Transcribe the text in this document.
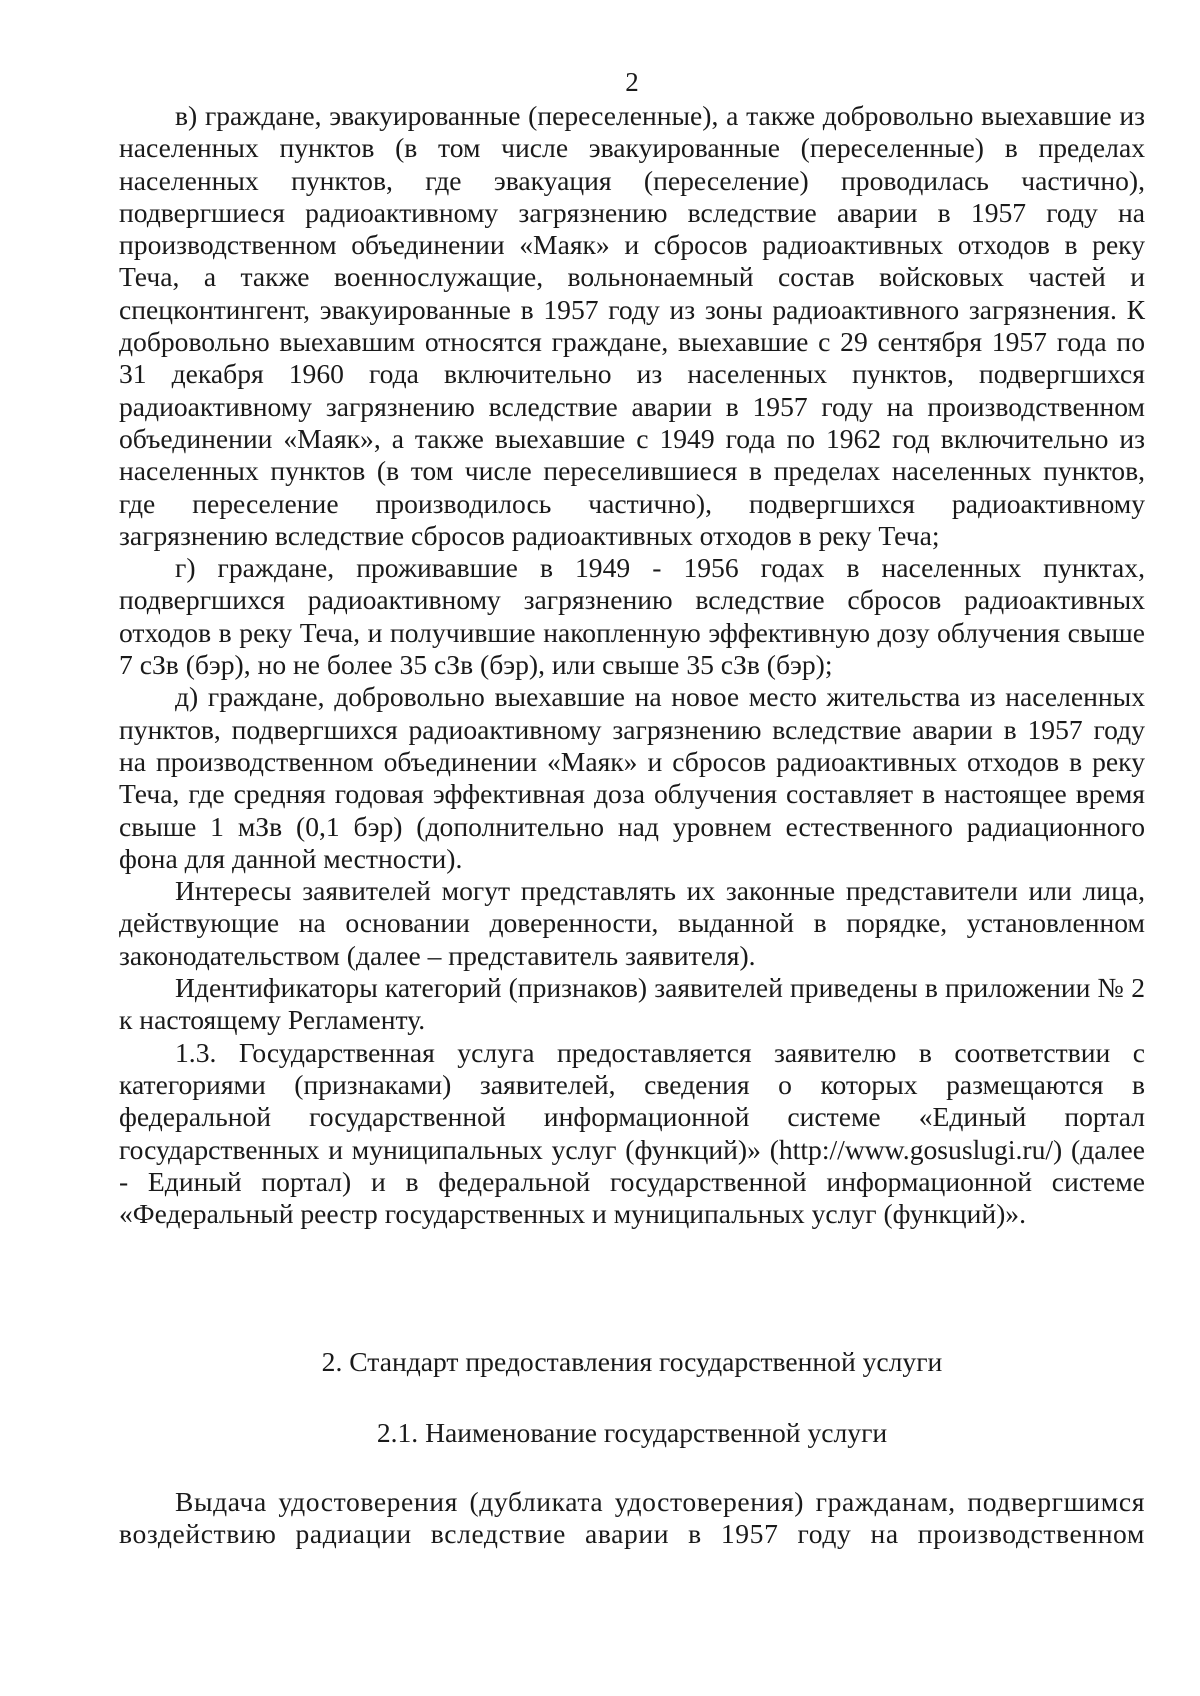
2

в) граждане, эвакуированные (переселенные), а также добровольно выехавшие из населенных пунктов (в том числе эвакуированные (переселенные) в пределах населенных пунктов, где эвакуация (переселение) проводилась частично), подвергшиеся радиоактивному загрязнению вследствие аварии в 1957 году на производственном объединении «Маяк» и сбросов радиоактивных отходов в реку Теча, а также военнослужащие, вольнонаемный состав войсковых частей и спецконтингент, эвакуированные в 1957 году из зоны радиоактивного загрязнения. К добровольно выехавшим относятся граждане, выехавшие с 29 сентября 1957 года по 31 декабря 1960 года включительно из населенных пунктов, подвергшихся радиоактивному загрязнению вследствие аварии в 1957 году на производственном объединении «Маяк», а также выехавшие с 1949 года по 1962 год включительно из населенных пунктов (в том числе переселившиеся в пределах населенных пунктов, где переселение производилось частично), подвергшихся радиоактивному загрязнению вследствие сбросов радиоактивных отходов в реку Теча;

г) граждане, проживавшие в 1949 - 1956 годах в населенных пунктах, подвергшихся радиоактивному загрязнению вследствие сбросов радиоактивных отходов в реку Теча, и получившие накопленную эффективную дозу облучения свыше 7 сЗв (бэр), но не более 35 сЗв (бэр), или свыше 35 сЗв (бэр);

д) граждане, добровольно выехавшие на новое место жительства из населенных пунктов, подвергшихся радиоактивному загрязнению вследствие аварии в 1957 году на производственном объединении «Маяк» и сбросов радиоактивных отходов в реку Теча, где средняя годовая эффективная доза облучения составляет в настоящее время свыше 1 мЗв (0,1 бэр) (дополнительно над уровнем естественного радиационного фона для данной местности).

Интересы заявителей могут представлять их законные представители или лица, действующие на основании доверенности, выданной в порядке, установленном законодательством (далее – представитель заявителя).

Идентификаторы категорий (признаков) заявителей приведены в приложении № 2 к настоящему Регламенту.

1.3. Государственная услуга предоставляется заявителю в соответствии с категориями (признаками) заявителей, сведения о которых размещаются в федеральной государственной информационной системе «Единый портал государственных и муниципальных услуг (функций)» (http://www.gosuslugi.ru/) (далее - Единый портал) и в федеральной государственной информационной системе «Федеральный реестр государственных и муниципальных услуг (функций)».

2. Стандарт предоставления государственной услуги
2.1. Наименование государственной услуги

Выдача удостоверения (дубликата удостоверения) гражданам, подвергшимся воздействию радиации вследствие аварии в 1957 году на производственном
